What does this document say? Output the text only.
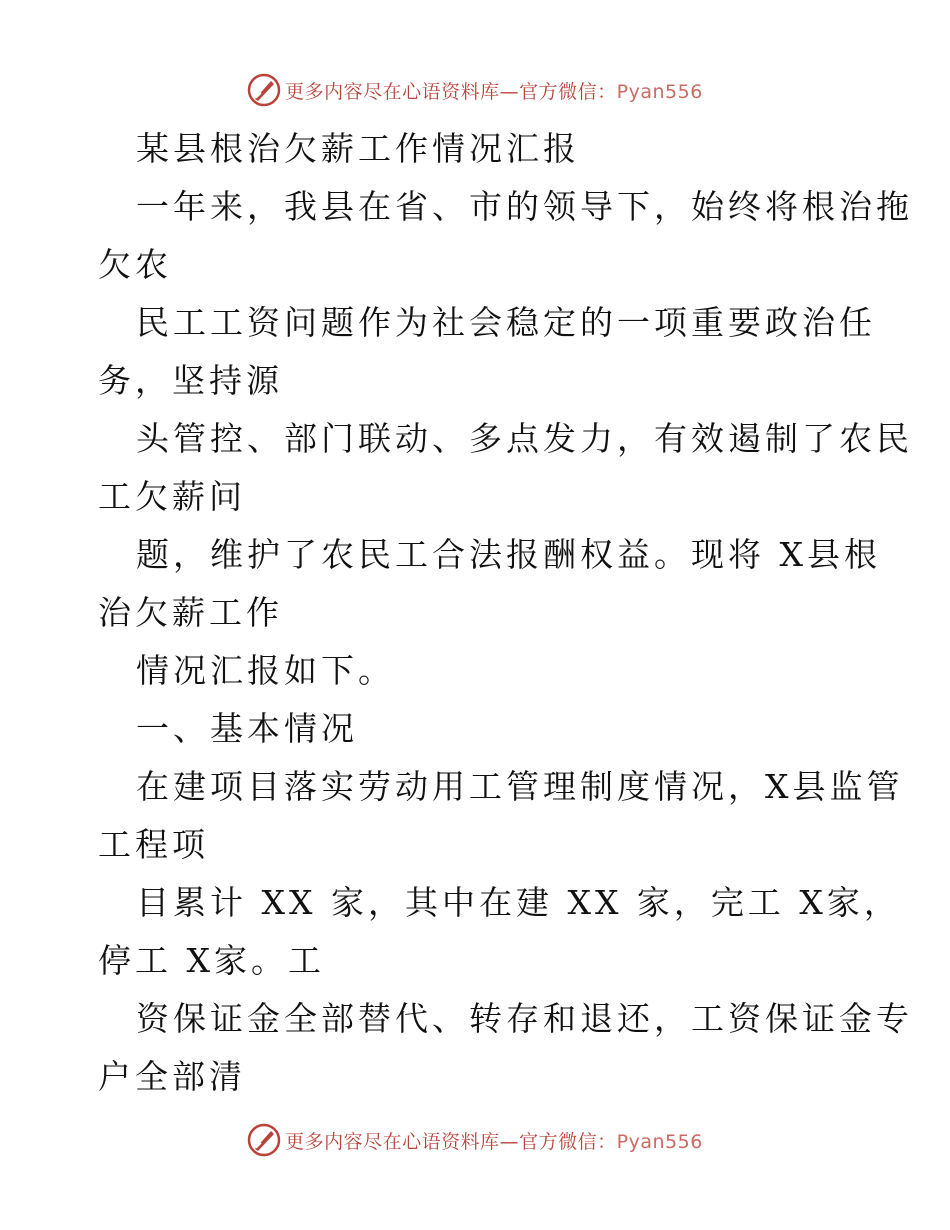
更多内容尽在心语资料库—官方微信：Pyan556
某县根治欠薪工作情况汇报
一年来，我县在省、市的领导下，始终将根治拖
欠农
民工工资问题作为社会稳定的一项重要政治任
务，坚持源
头管控、部门联动、多点发力，有效遏制了农民
工欠薪问
题，维护了农民工合法报酬权益。现将 X县根
治欠薪工作
情况汇报如下。
一、基本情况
在建项目落实劳动用工管理制度情况，X县监管
工程项
目累计 XX 家，其中在建 XX 家，完工 X家，
停工 X家。工
资保证金全部替代、转存和退还，工资保证金专
户全部清
更多内容尽在心语资料库—官方微信：Pyan556
